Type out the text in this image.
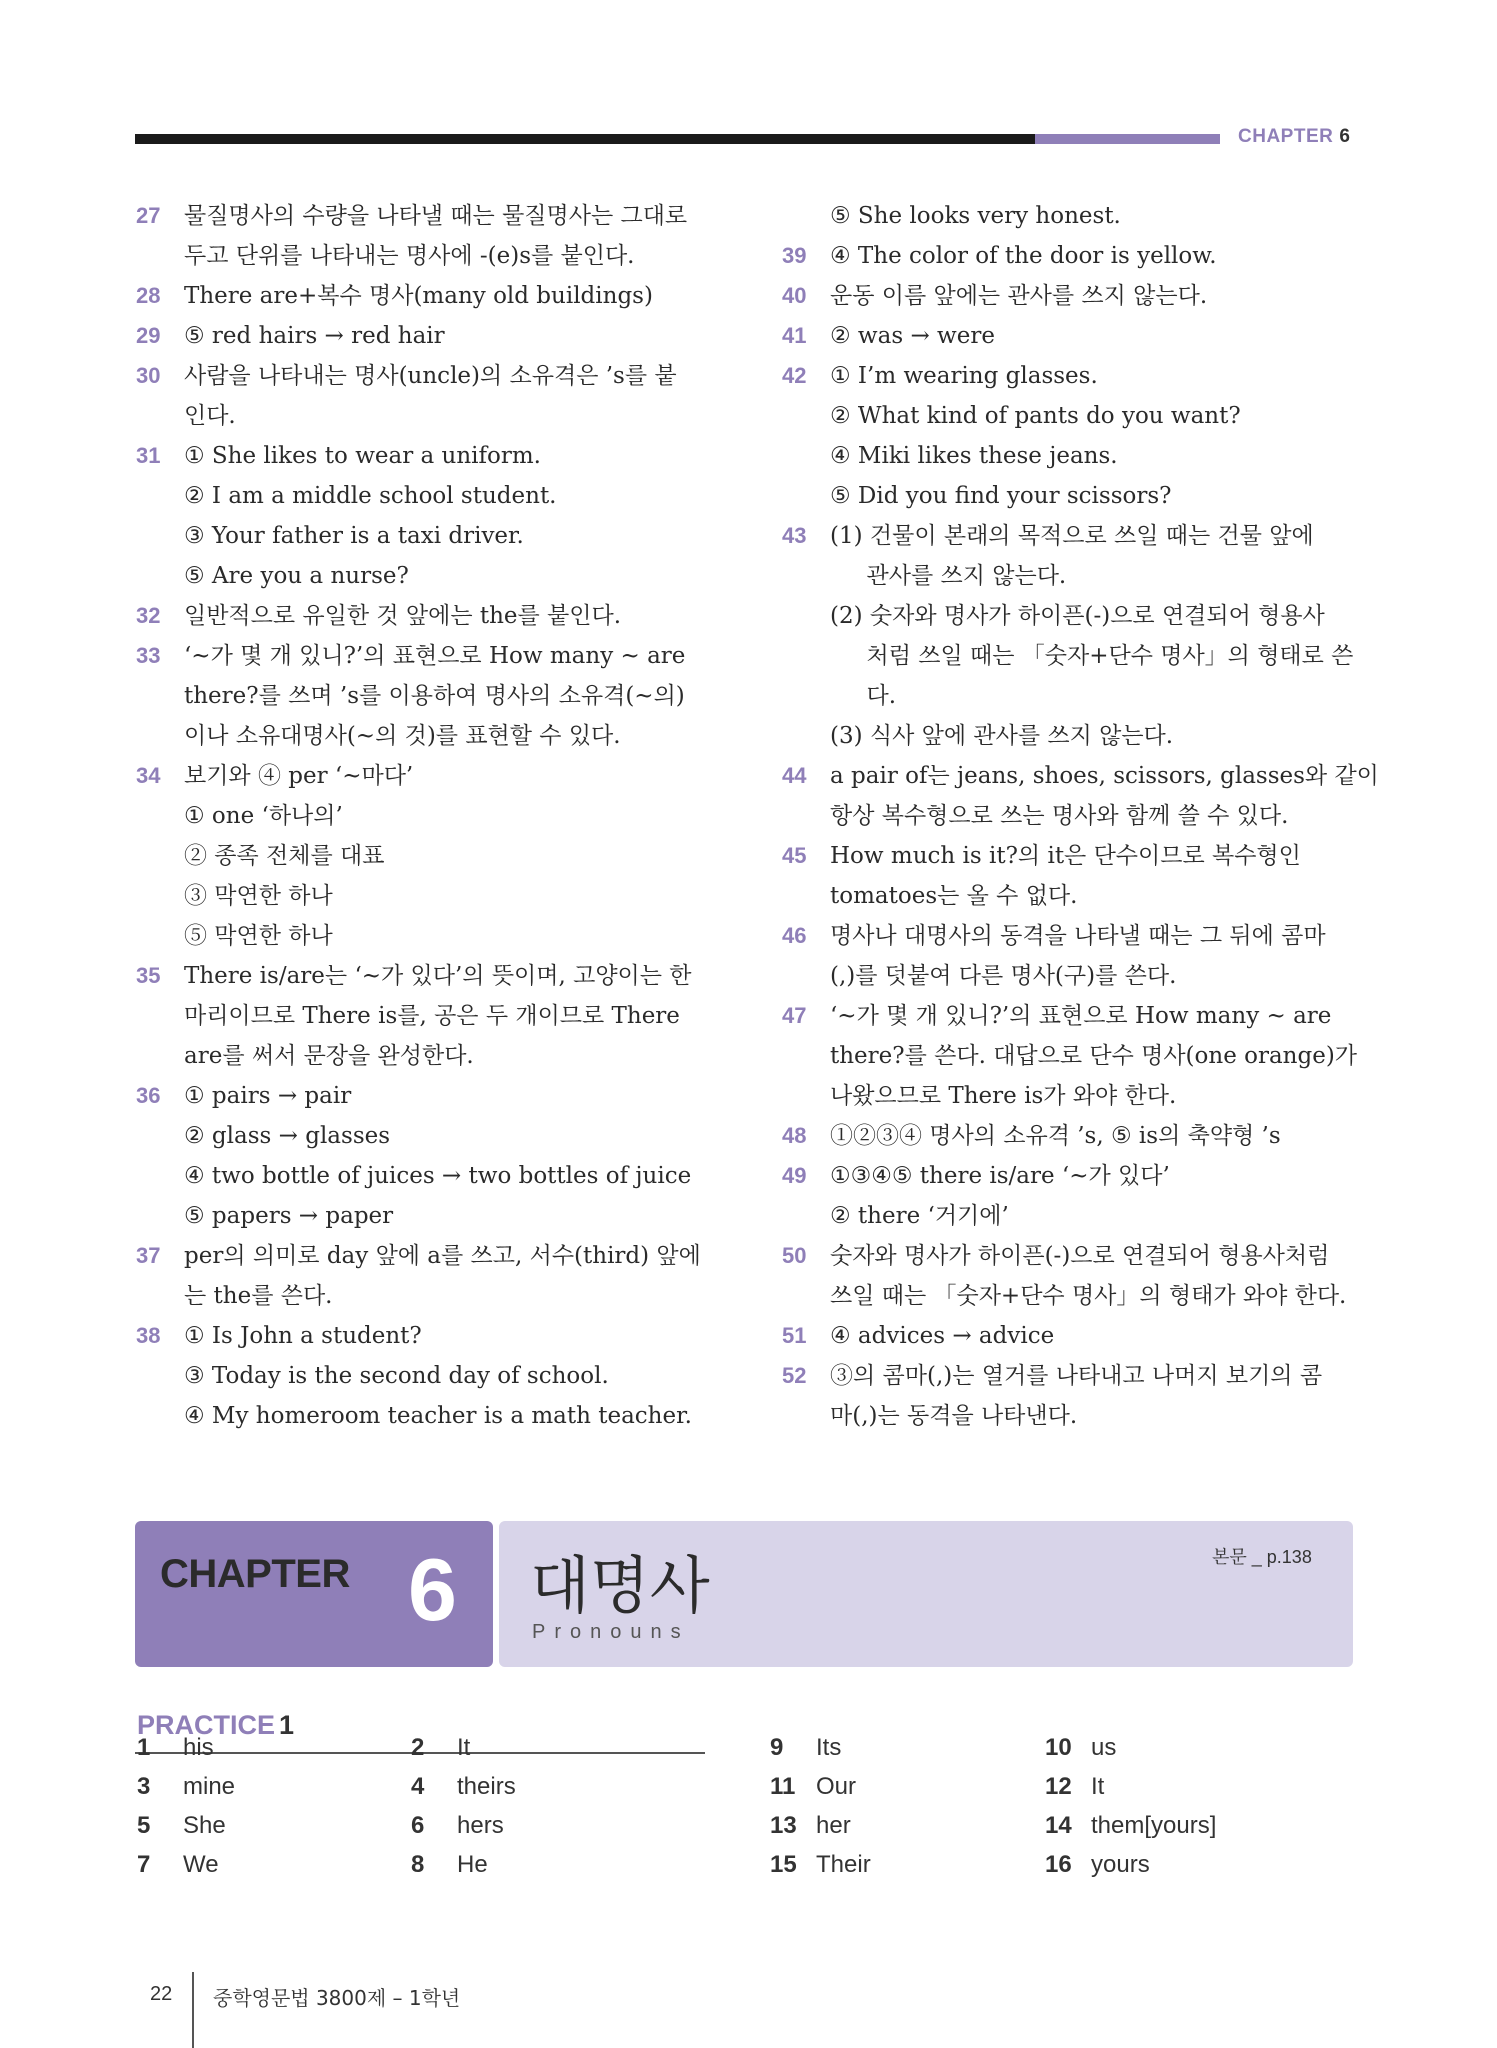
CHAPTER 6
27	물질명사의 수량을 나타낼 때는 물질명사는 그대로
두고 단위를 나타내는 명사에 -(e)s를 붙인다.
28	There are+복수 명사(many old buildings)
29	⑤ red hairs → red hair
30	사람을 나타내는 명사(uncle)의 소유격은 ’s를 붙
인다.
31	① She likes to wear a uniform.
② I am a middle school student.
③ Your father is a taxi driver.
⑤ Are you a nurse?
32	일반적으로 유일한 것 앞에는 the를 붙인다.
33	‘~가 몇 개 있니?’의 표현으로 How many ~ are
there?를 쓰며 ’s를 이용하여 명사의 소유격(~의)
이나 소유대명사(~의 것)를 표현할 수 있다.
34	보기와 ④ per ‘~마다’
① one ‘하나의’
② 종족 전체를 대표
③ 막연한 하나
⑤ 막연한 하나
35	There is/are는 ‘~가 있다’의 뜻이며, 고양이는 한
마리이므로 There is를, 공은 두 개이므로 There
are를 써서 문장을 완성한다.
36	① pairs → pair
② glass → glasses
④ two bottle of juices → two bottles of juice
⑤ papers → paper
37	per의 의미로 day 앞에 a를 쓰고, 서수(third) 앞에
는 the를 쓴다.
38	① Is John a student?
③ Today is the second day of school.
④ My homeroom teacher is a math teacher.
⑤ She looks very honest.
39	④ The color of the door is yellow.
40	운동 이름 앞에는 관사를 쓰지 않는다.
41	② was → were
42	① I’m wearing glasses.
② What kind of pants do you want?
④ Miki likes these jeans.
⑤ Did you find your scissors?
43	(1) 건물이 본래의 목적으로 쓰일 때는 건물 앞에
관사를 쓰지 않는다.
(2) 숫자와 명사가 하이픈(-)으로 연결되어 형용사
처럼 쓰일 때는 「숫자+단수 명사」의 형태로 쓴
다.
(3) 식사 앞에 관사를 쓰지 않는다.
44	a pair of는 jeans, shoes, scissors, glasses와 같이
항상 복수형으로 쓰는 명사와 함께 쓸 수 있다.
45	How much is it?의 it은 단수이므로 복수형인
tomatoes는 올 수 없다.
46	명사나 대명사의 동격을 나타낼 때는 그 뒤에 콤마
(,)를 덧붙여 다른 명사(구)를 쓴다.
47	‘~가 몇 개 있니?’의 표현으로 How many ~ are
there?를 쓴다. 대답으로 단수 명사(one orange)가
나왔으므로 There is가 와야 한다.
48	①②③④ 명사의 소유격 ’s, ⑤ is의 축약형 ’s
49	①③④⑤ there is/are ‘~가 있다’
② there ‘거기에’
50	숫자와 명사가 하이픈(-)으로 연결되어 형용사처럼
쓰일 때는 「숫자+단수 명사」의 형태가 와야 한다.
51	④ advices → advice
52	③의 콤마(,)는 열거를 나타내고 나머지 보기의 콤
마(,)는 동격을 나타낸다.
CHAPTER 6 대명사
Pronouns
본문 _ p.138
PRACTICE 1
1 his	2 It
3 mine	4 theirs
5 She	6 hers
7 We	8 He
9 Its	10 us
11 Our	12 It
13 her	14 them[yours]
15 Their	16 yours
22 중학영문법 3800제 – 1학년
